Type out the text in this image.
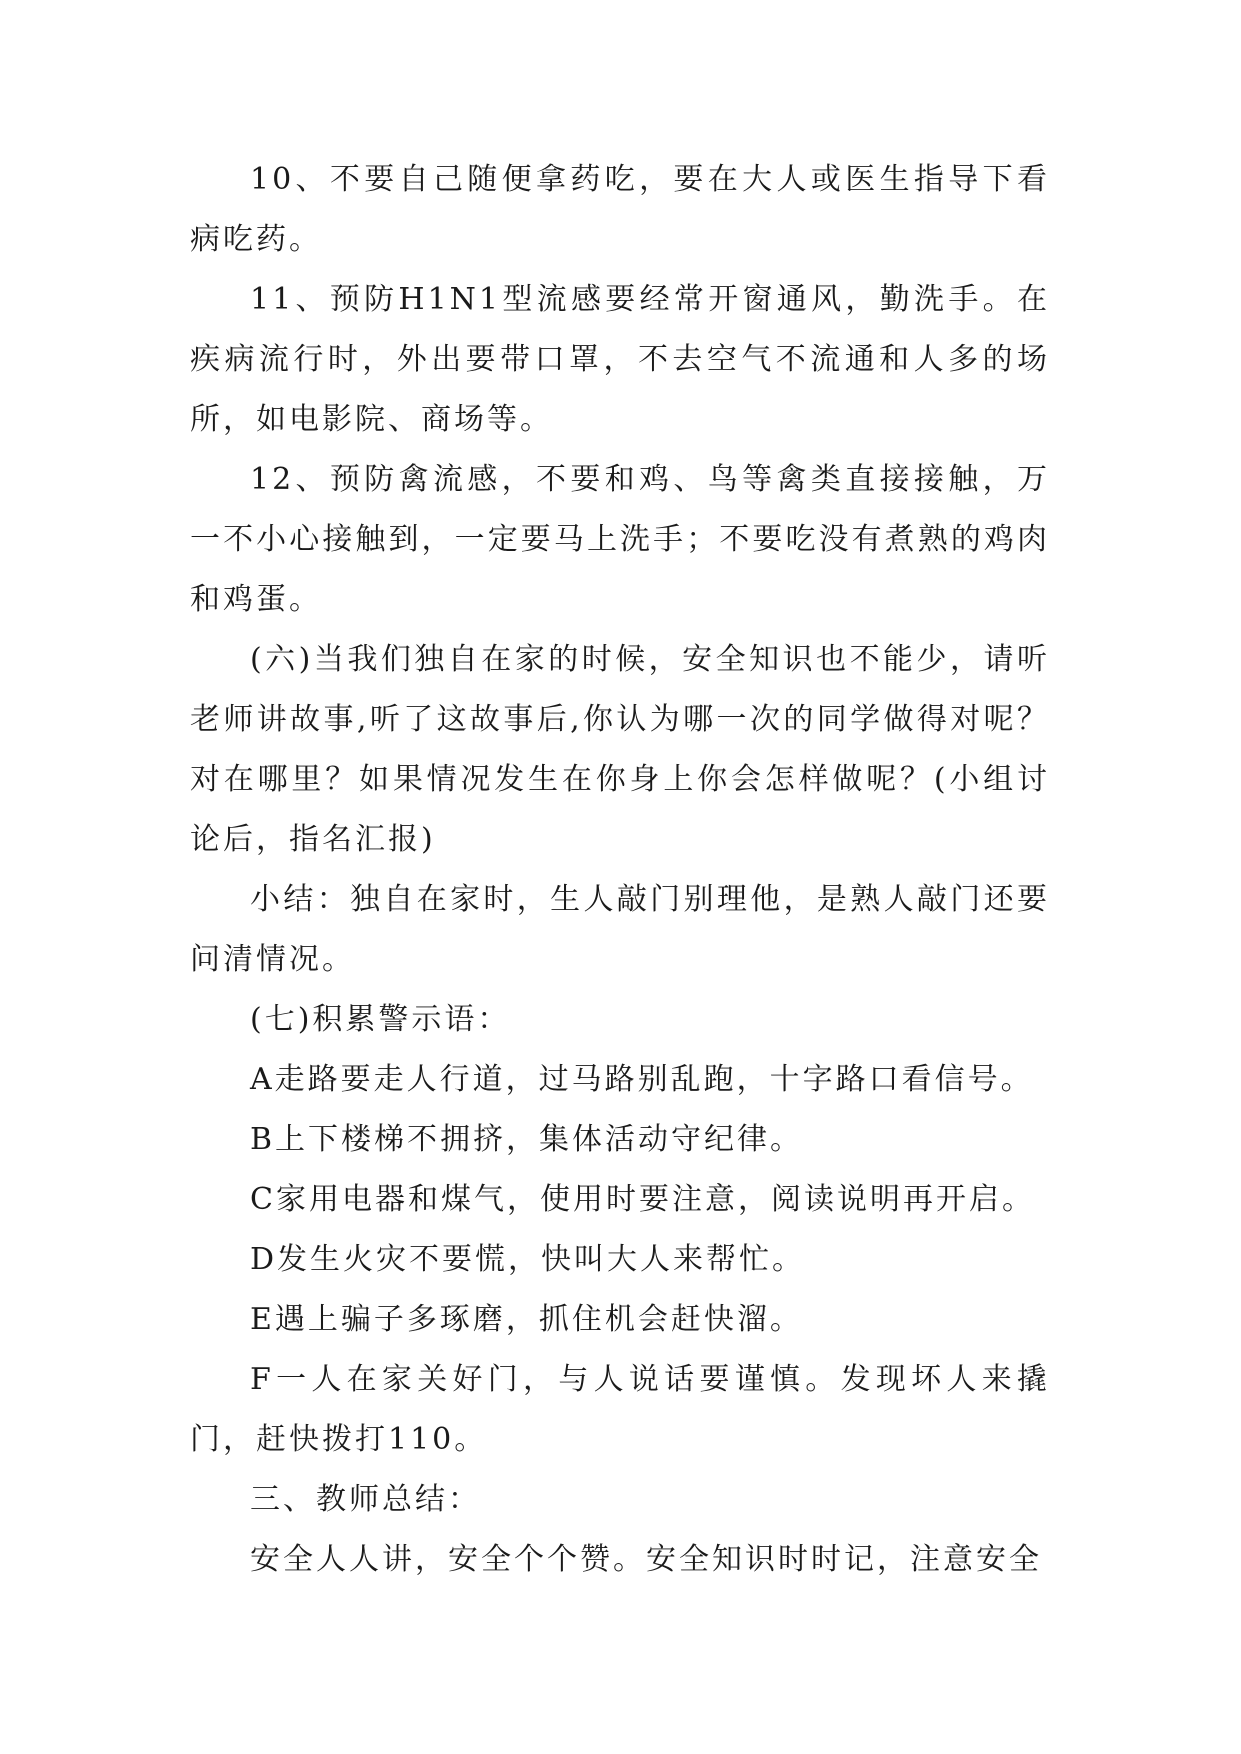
10、不要自己随便拿药吃，要在大人或医生指导下看病吃药。

11、预防H1N1型流感要经常开窗通风，勤洗手。在疾病流行时，外出要带口罩，不去空气不流通和人多的场所，如电影院、商场等。

12、预防禽流感，不要和鸡、鸟等禽类直接接触，万一不小心接触到，一定要马上洗手；不要吃没有煮熟的鸡肉和鸡蛋。

(六)当我们独自在家的时候，安全知识也不能少，请听老师讲故事,听了这故事后,你认为哪一次的同学做得对呢？对在哪里？如果情况发生在你身上你会怎样做呢？(小组讨论后，指名汇报)

小结：独自在家时，生人敲门别理他，是熟人敲门还要问清情况。

(七)积累警示语：

A走路要走人行道，过马路别乱跑，十字路口看信号。

B上下楼梯不拥挤，集体活动守纪律。

C家用电器和煤气，使用时要注意，阅读说明再开启。

D发生火灾不要慌，快叫大人来帮忙。

E遇上骗子多琢磨，抓住机会赶快溜。

F一人在家关好门，与人说话要谨慎。发现坏人来撬门，赶快拨打110。

三、教师总结：

安全人人讲，安全个个赞。安全知识时时记，注意安全
